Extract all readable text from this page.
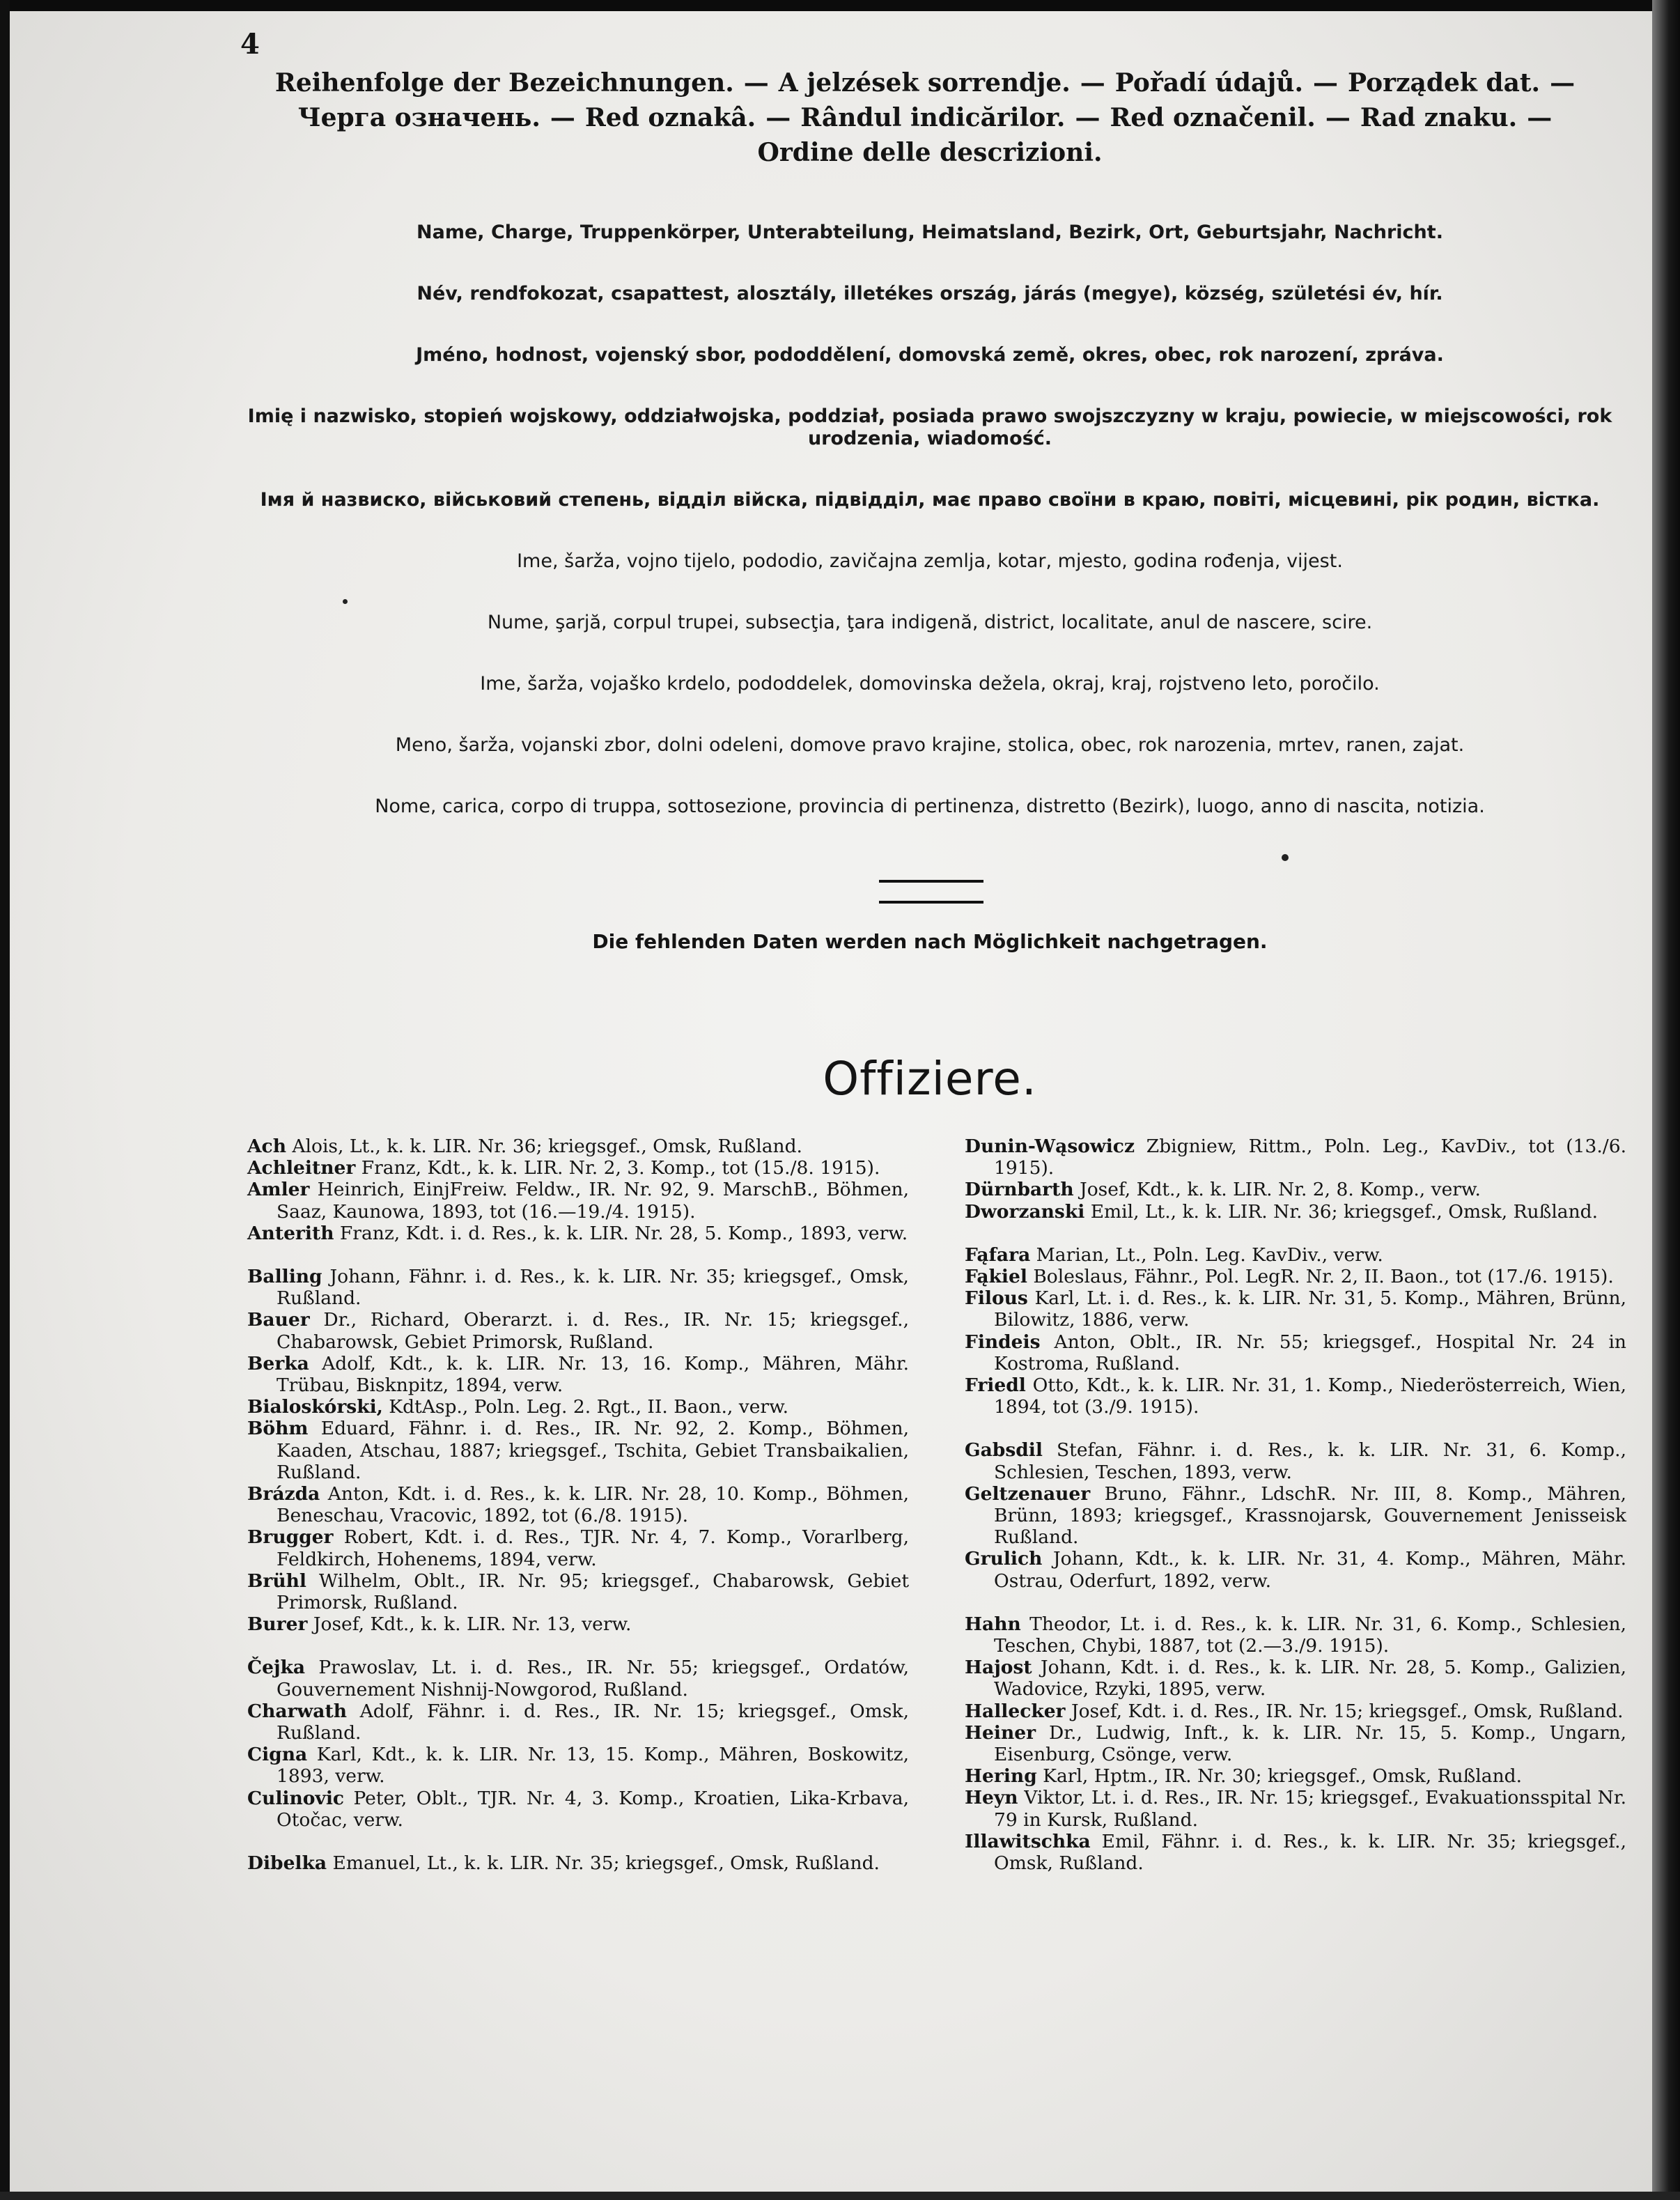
4
Reihenfolge der Bezeichnungen. — A jelzések sorrendje. — Pořadí údajů. — Porządek dat. —
Черга означень. — Red oznakâ. — Rândul indicărilor. — Red označenil. — Rad znaku. —
Ordine delle descrizioni.
Name, Charge, Truppenkörper, Unterabteilung, Heimatsland, Bezirk, Ort, Geburtsjahr, Nachricht.
Név, rendfokozat, csapattest, alosztály, illetékes ország, járás (megye), község, születési év, hír.
Jméno, hodnost, vojenský sbor, pododdělení, domovská země, okres, obec, rok narození, zpráva.
Imię i nazwisko, stopień wojskowy, oddziałwojska, poddział, posiada prawo swojszczyzny w kraju, powiecie, w miejscowości, rok urodzenia, wiadomość.
Імя й назвиско, військовий степень, відділ війска, підвідділ, має право своїни в краю, повіті, місцевині, рік родин, вістка.
Ime, šarža, vojno tijelo, pododio, zavičajna zemlja, kotar, mjesto, godina rođenja, vijest.
Nume, şarjă, corpul trupei, subsecţia, ţara indigenă, district, localitate, anul de nascere, scire.
Ime, šarža, vojaško krdelo, pododdelek, domovinska dežela, okraj, kraj, rojstveno leto, poročilo.
Meno, šarža, vojanski zbor, dolni odeleni, domove pravo krajine, stolica, obec, rok narozenia, mrtev, ranen, zajat.
Nome, carica, corpo di truppa, sottosezione, provincia di pertinenza, distretto (Bezirk), luogo, anno di nascita, notizia.
Die fehlenden Daten werden nach Möglichkeit nachgetragen.
Offiziere.
Ach Alois, Lt., k. k. LIR. Nr. 36; kriegsgef., Omsk, Rußland.
Achleitner Franz, Kdt., k. k. LIR. Nr. 2, 3. Komp., tot (15./8. 1915).
Amler Heinrich, EinjFreiw. Feldw., IR. Nr. 92, 9. MarschB., Böhmen, Saaz, Kaunowa, 1893, tot (16.—19./4. 1915).
Anterith Franz, Kdt. i. d. Res., k. k. LIR. Nr. 28, 5. Komp., 1893, verw.
Balling Johann, Fähnr. i. d. Res., k. k. LIR. Nr. 35; kriegsgef., Omsk, Rußland.
Bauer Dr., Richard, Oberarzt. i. d. Res., IR. Nr. 15; kriegsgef., Chabarowsk, Gebiet Primorsk, Rußland.
Berka Adolf, Kdt., k. k. LIR. Nr. 13, 16. Komp., Mähren, Mähr. Trübau, Bisknpitz, 1894, verw.
Bialoskórski, KdtAsp., Poln. Leg. 2. Rgt., II. Baon., verw.
Böhm Eduard, Fähnr. i. d. Res., IR. Nr. 92, 2. Komp., Böhmen, Kaaden, Atschau, 1887; kriegsgef., Tschita, Gebiet Transbaikalien, Rußland.
Brázda Anton, Kdt. i. d. Res., k. k. LIR. Nr. 28, 10. Komp., Böhmen, Beneschau, Vracovic, 1892, tot (6./8. 1915).
Brugger Robert, Kdt. i. d. Res., TJR. Nr. 4, 7. Komp., Vorarlberg, Feldkirch, Hohenems, 1894, verw.
Brühl Wilhelm, Oblt., IR. Nr. 95; kriegsgef., Chabarowsk, Gebiet Primorsk, Rußland.
Burer Josef, Kdt., k. k. LIR. Nr. 13, verw.
Čejka Prawoslav, Lt. i. d. Res., IR. Nr. 55; kriegsgef., Ordatów, Gouvernement Nishnij-Nowgorod, Rußland.
Charwath Adolf, Fähnr. i. d. Res., IR. Nr. 15; kriegsgef., Omsk, Rußland.
Cigna Karl, Kdt., k. k. LIR. Nr. 13, 15. Komp., Mähren, Boskowitz, 1893, verw.
Culinovic Peter, Oblt., TJR. Nr. 4, 3. Komp., Kroatien, Lika-Krbava, Otočac, verw.
Dibelka Emanuel, Lt., k. k. LIR. Nr. 35; kriegsgef., Omsk, Rußland.
Dunin-Wąsowicz Zbigniew, Rittm., Poln. Leg., KavDiv., tot (13./6. 1915).
Dürnbarth Josef, Kdt., k. k. LIR. Nr. 2, 8. Komp., verw.
Dworzanski Emil, Lt., k. k. LIR. Nr. 36; kriegsgef., Omsk, Rußland.
Fąfara Marian, Lt., Poln. Leg. KavDiv., verw.
Fąkiel Boleslaus, Fähnr., Pol. LegR. Nr. 2, II. Baon., tot (17./6. 1915).
Filous Karl, Lt. i. d. Res., k. k. LIR. Nr. 31, 5. Komp., Mähren, Brünn, Bilowitz, 1886, verw.
Findeis Anton, Oblt., IR. Nr. 55; kriegsgef., Hospital Nr. 24 in Kostroma, Rußland.
Friedl Otto, Kdt., k. k. LIR. Nr. 31, 1. Komp., Niederösterreich, Wien, 1894, tot (3./9. 1915).
Gabsdil Stefan, Fähnr. i. d. Res., k. k. LIR. Nr. 31, 6. Komp., Schlesien, Teschen, 1893, verw.
Geltzenauer Bruno, Fähnr., LdschR. Nr. III, 8. Komp., Mähren, Brünn, 1893; kriegsgef., Krassnojarsk, Gouvernement Jenisseisk Rußland.
Grulich Johann, Kdt., k. k. LIR. Nr. 31, 4. Komp., Mähren, Mähr. Ostrau, Oderfurt, 1892, verw.
Hahn Theodor, Lt. i. d. Res., k. k. LIR. Nr. 31, 6. Komp., Schlesien, Teschen, Chybi, 1887, tot (2.—3./9. 1915).
Hajost Johann, Kdt. i. d. Res., k. k. LIR. Nr. 28, 5. Komp., Galizien, Wadovice, Rzyki, 1895, verw.
Hallecker Josef, Kdt. i. d. Res., IR. Nr. 15; kriegsgef., Omsk, Rußland.
Heiner Dr., Ludwig, Inft., k. k. LIR. Nr. 15, 5. Komp., Ungarn, Eisenburg, Csönge, verw.
Hering Karl, Hptm., IR. Nr. 30; kriegsgef., Omsk, Rußland.
Heyn Viktor, Lt. i. d. Res., IR. Nr. 15; kriegsgef., Evakuationsspital Nr. 79 in Kursk, Rußland.
Illawitschka Emil, Fähnr. i. d. Res., k. k. LIR. Nr. 35; kriegsgef., Omsk, Rußland.
